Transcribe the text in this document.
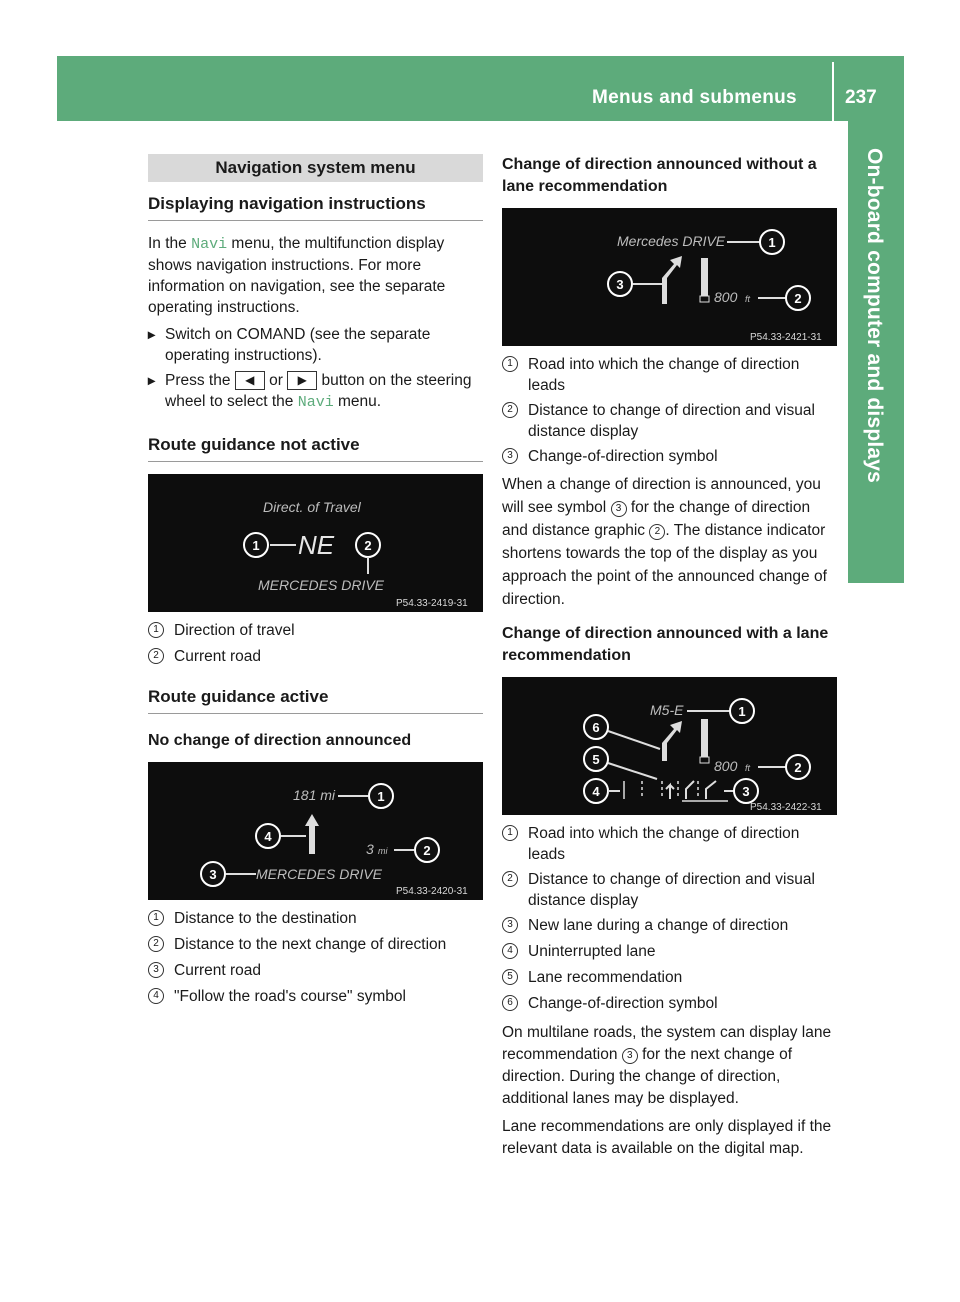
Menus and submenus	237
On-board computer and displays
Navigation system menu
Displaying navigation instructions

In the Navi menu, the multifunction display shows navigation instructions. For more information on navigation, see the separate operating instructions.

▸ Switch on COMAND (see the separate operating instructions).
▸ Press the ◀ or ▶ button on the steering wheel to select the Navi menu.
Route guidance not active
Direct. of Travel
NE
1	2
MERCEDES DRIVE
P54.33-2419-31
1 Direction of travel
2 Current road
Route guidance active
No change of direction announced
181 mi	1
4
3 mi	2
3	MERCEDES DRIVE
P54.33-2420-31
1 Distance to the destination
2 Distance to the next change of direction
3 Current road
4 "Follow the road's course" symbol
Change of direction announced without a lane recommendation
Mercedes DRIVE	1
3
800 ft	2
P54.33-2421-31
1 Road into which the change of direction leads
2 Distance to change of direction and visual distance display
3 Change-of-direction symbol

When a change of direction is announced, you will see symbol 3 for the change of direction and distance graphic 2 . The distance indicator shortens towards the top of the display as you approach the point of the announced change of direction.

Change of direction announced with a lane recommendation
M5-E	1
800 ft	2
6
5
4	3
P54.33-2422-31
1 Road into which the change of direction leads
2 Distance to change of direction and visual distance display
3 New lane during a change of direction
4 Uninterrupted lane
5 Lane recommendation
6 Change-of-direction symbol

On multilane roads, the system can display lane recommendation 3 for the next change of direction. During the change of direction, additional lanes may be displayed.

Lane recommendations are only displayed if the relevant data is available on the digital map.
